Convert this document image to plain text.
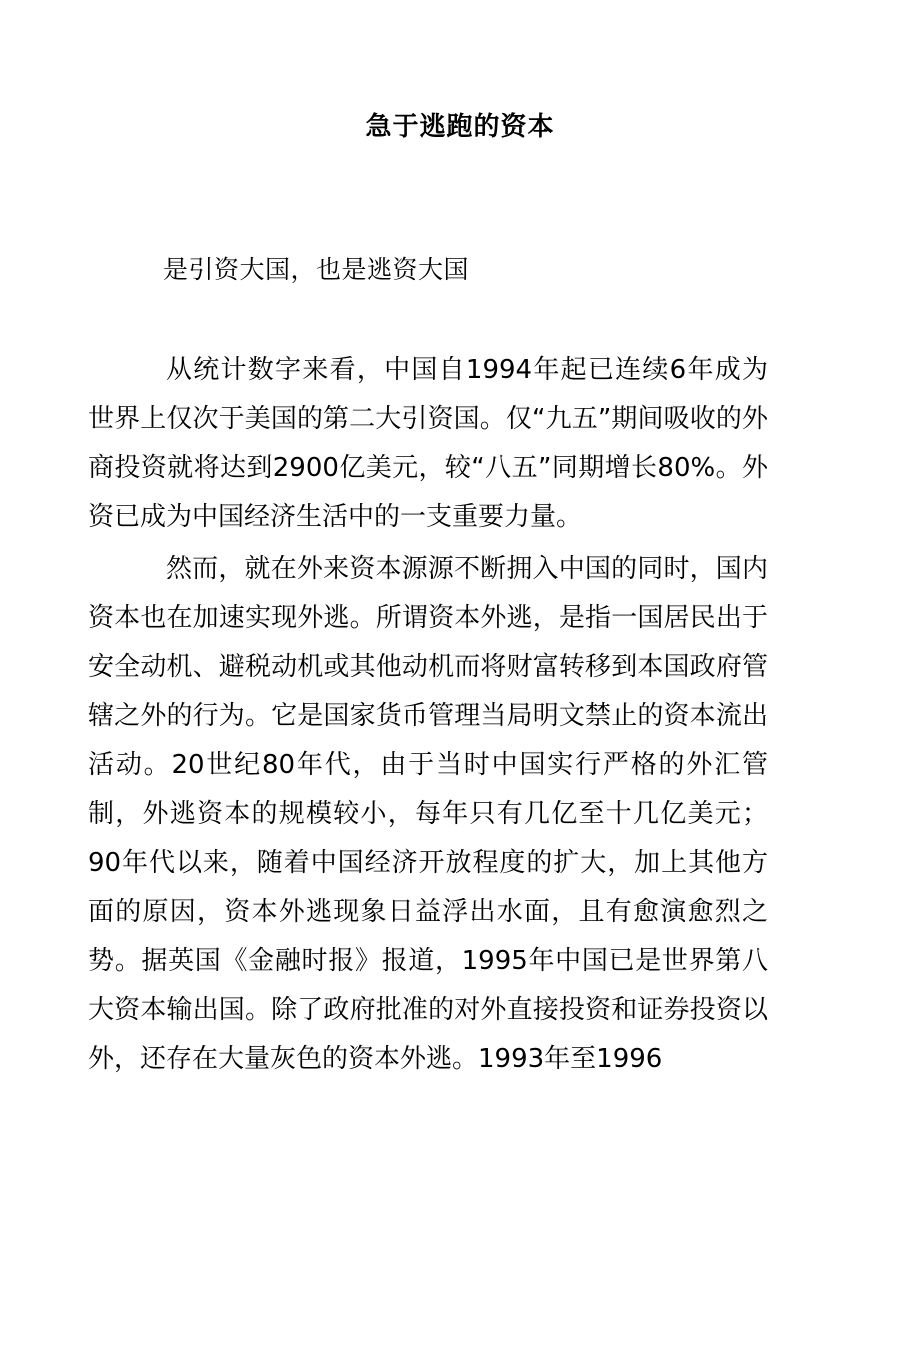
急于逃跑的资本

是引资大国，也是逃资大国

从统计数字来看，中国自1994年起已连续6年成为世界上仅次于美国的第二大引资国。仅“九五”期间吸收的外商投资就将达到2900亿美元，较“八五”同期增长80%。外资已成为中国经济生活中的一支重要力量。

然而，就在外来资本源源不断拥入中国的同时，国内资本也在加速实现外逃。所谓资本外逃，是指一国居民出于安全动机、避税动机或其他动机而将财富转移到本国政府管辖之外的行为。它是国家货币管理当局明文禁止的资本流出活动。20世纪80年代，由于当时中国实行严格的外汇管制，外逃资本的规模较小，每年只有几亿至十几亿美元；90年代以来，随着中国经济开放程度的扩大，加上其他方面的原因，资本外逃现象日益浮出水面，且有愈演愈烈之势。据英国《金融时报》报道，1995年中国已是世界第八大资本输出国。除了政府批准的对外直接投资和证券投资以外，还存在大量灰色的资本外逃。1993年至1996
